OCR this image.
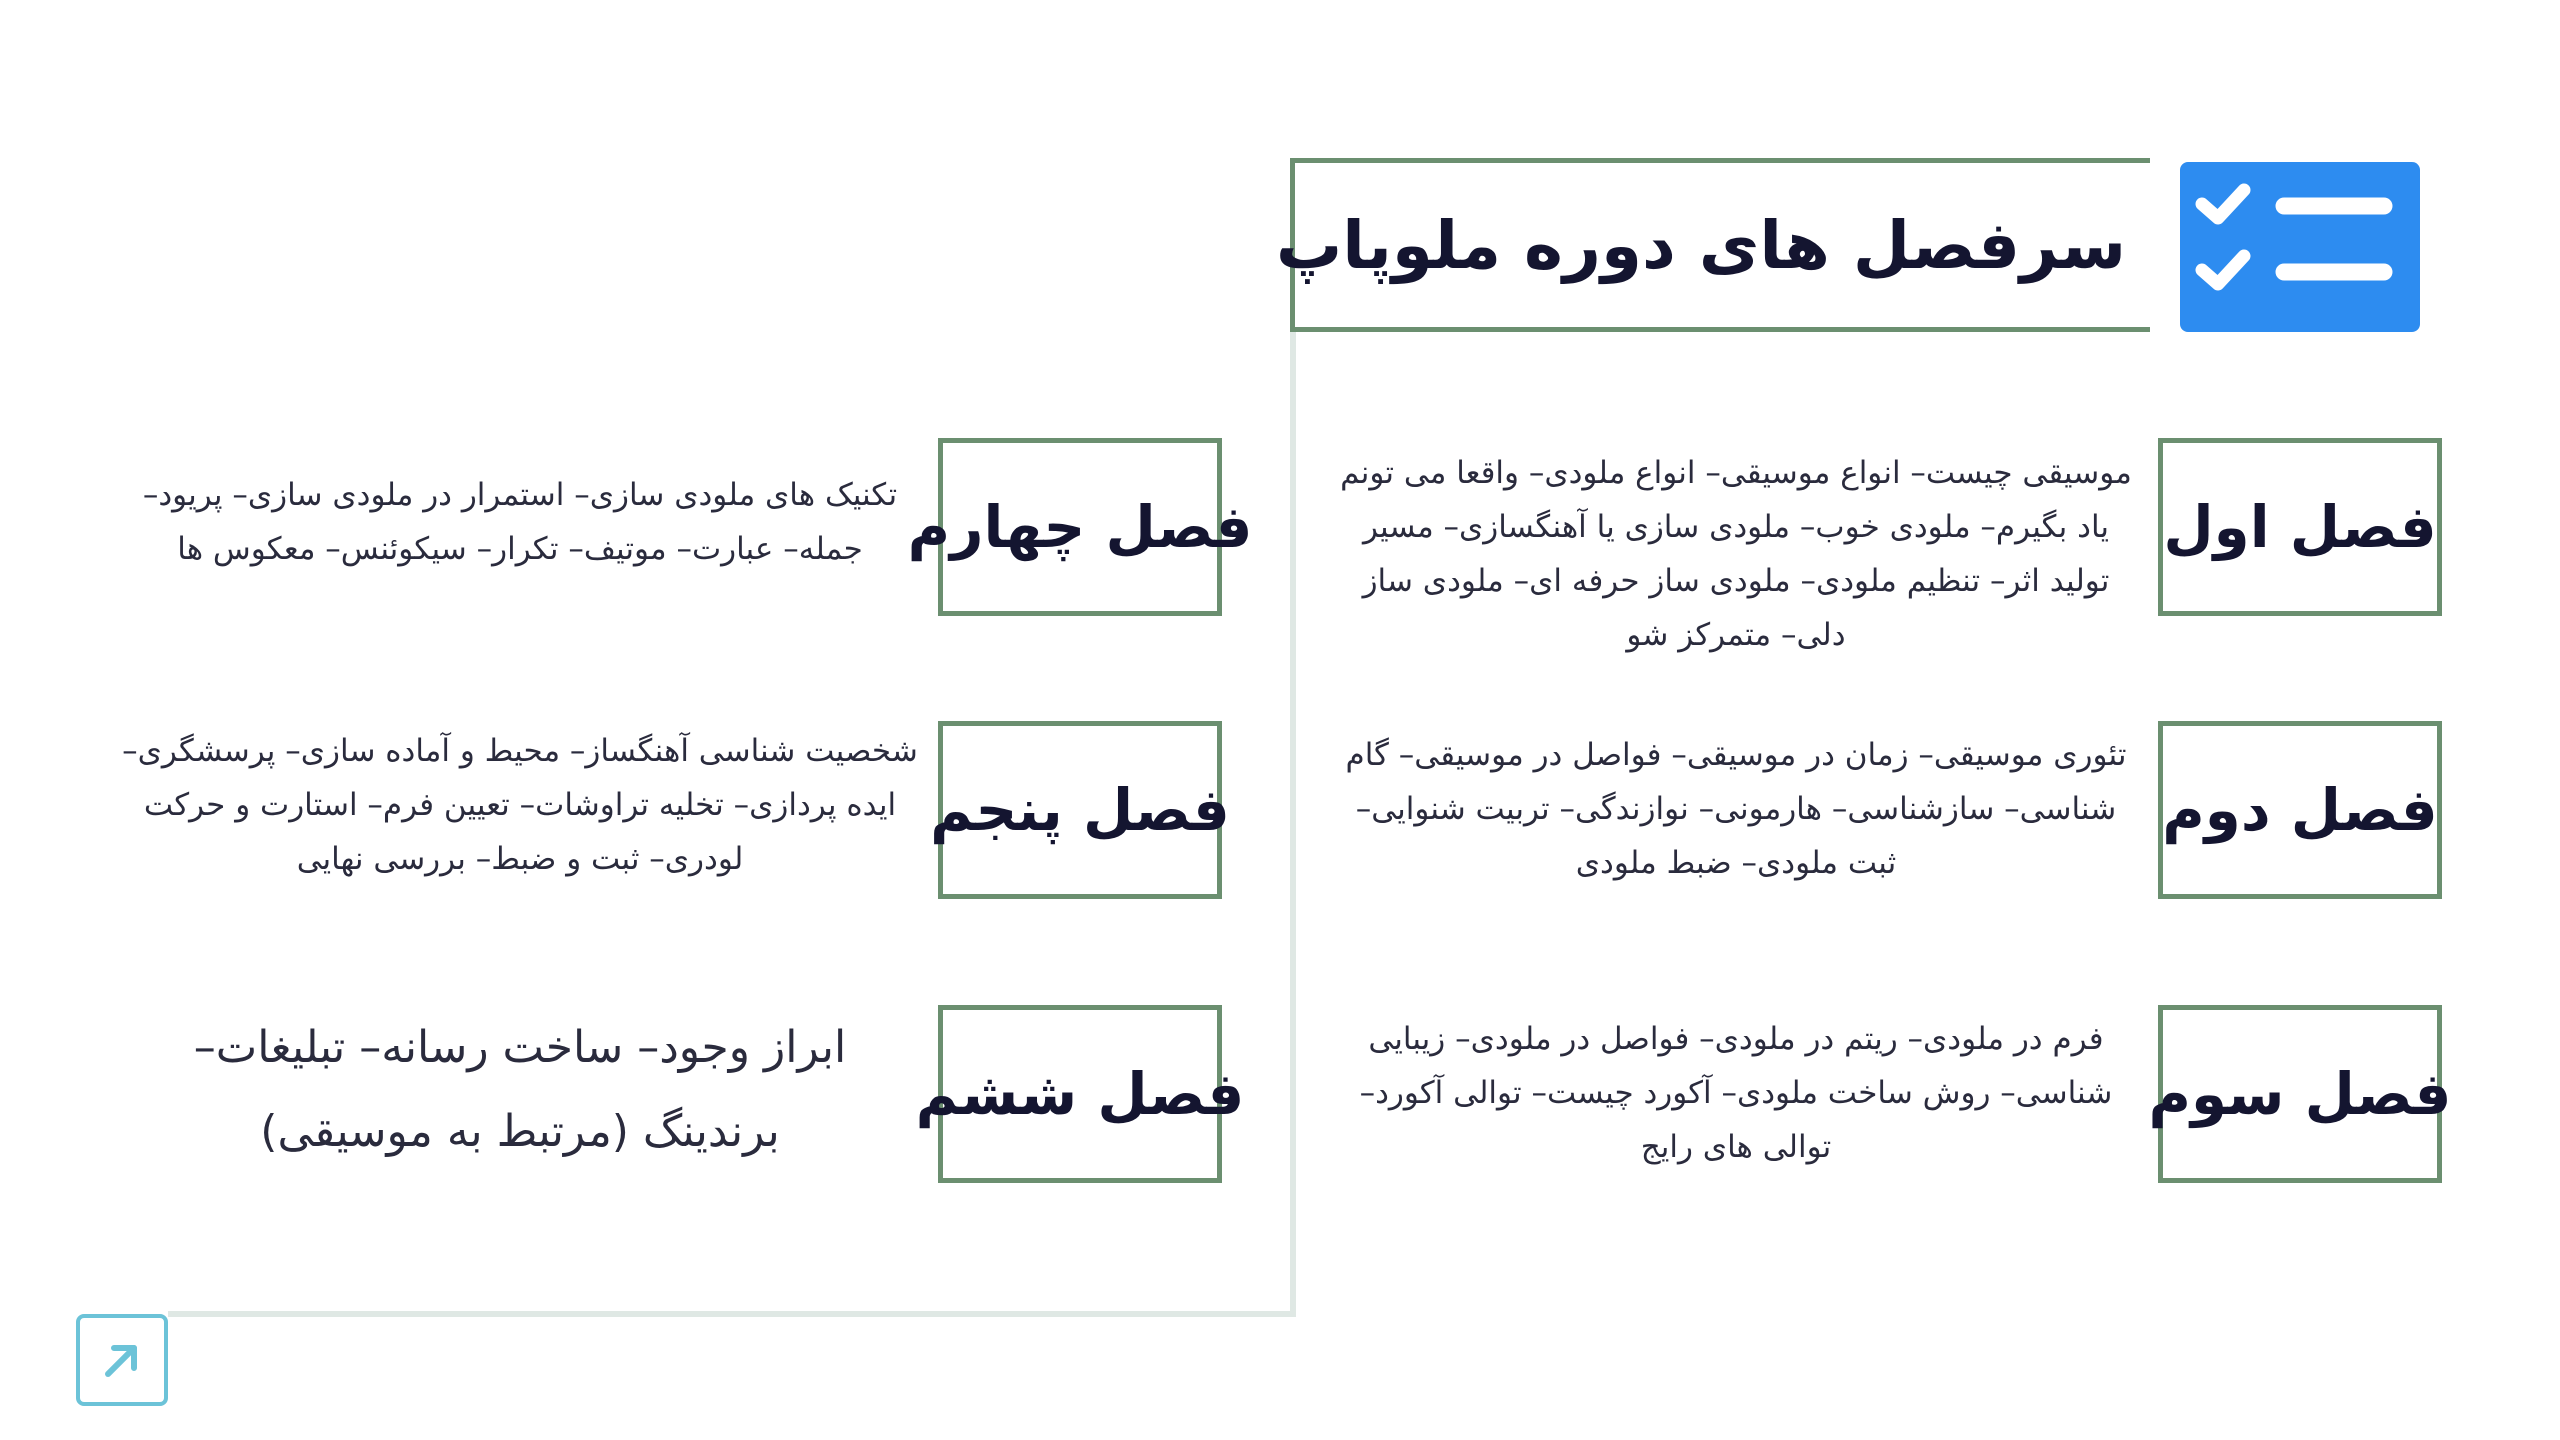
سرفصل های دوره ملوپاپ
فصل اول
موسیقی چیست– انواع موسیقی– انواع ملودی– واقعا می تونم یاد بگیرم– ملودی خوب– ملودی سازی یا آهنگسازی– مسیر تولید اثر– تنظیم ملودی– ملودی ساز حرفه ای– ملودی ساز دلی– متمرکز شو
فصل دوم
تئوری موسیقی– زمان در موسیقی– فواصل در موسیقی– گام شناسی– سازشناسی– هارمونی– نوازندگی– تربیت شنوایی– ثبت ملودی– ضبط ملودی
فصل سوم
فرم در ملودی– ریتم در ملودی– فواصل در ملودی– زیبایی شناسی– روش ساخت ملودی– آکورد چیست– توالی آکورد– توالی های رایج
فصل چهارم
تکنیک های ملودی سازی– استمرار در ملودی سازی– پریود– جمله– عبارت– موتیف– تکرار– سیکوئنس– معکوس ها
فصل پنجم
شخصیت شناسی آهنگساز– محیط و آماده سازی– پرسشگری– ایده پردازی– تخلیه تراوشات– تعیین فرم– استارت و حرکت لودری– ثبت و ضبط– بررسی نهایی
فصل ششم
ابراز وجود– ساخت رسانه– تبلیغات– برندینگ (مرتبط به موسیقی)
